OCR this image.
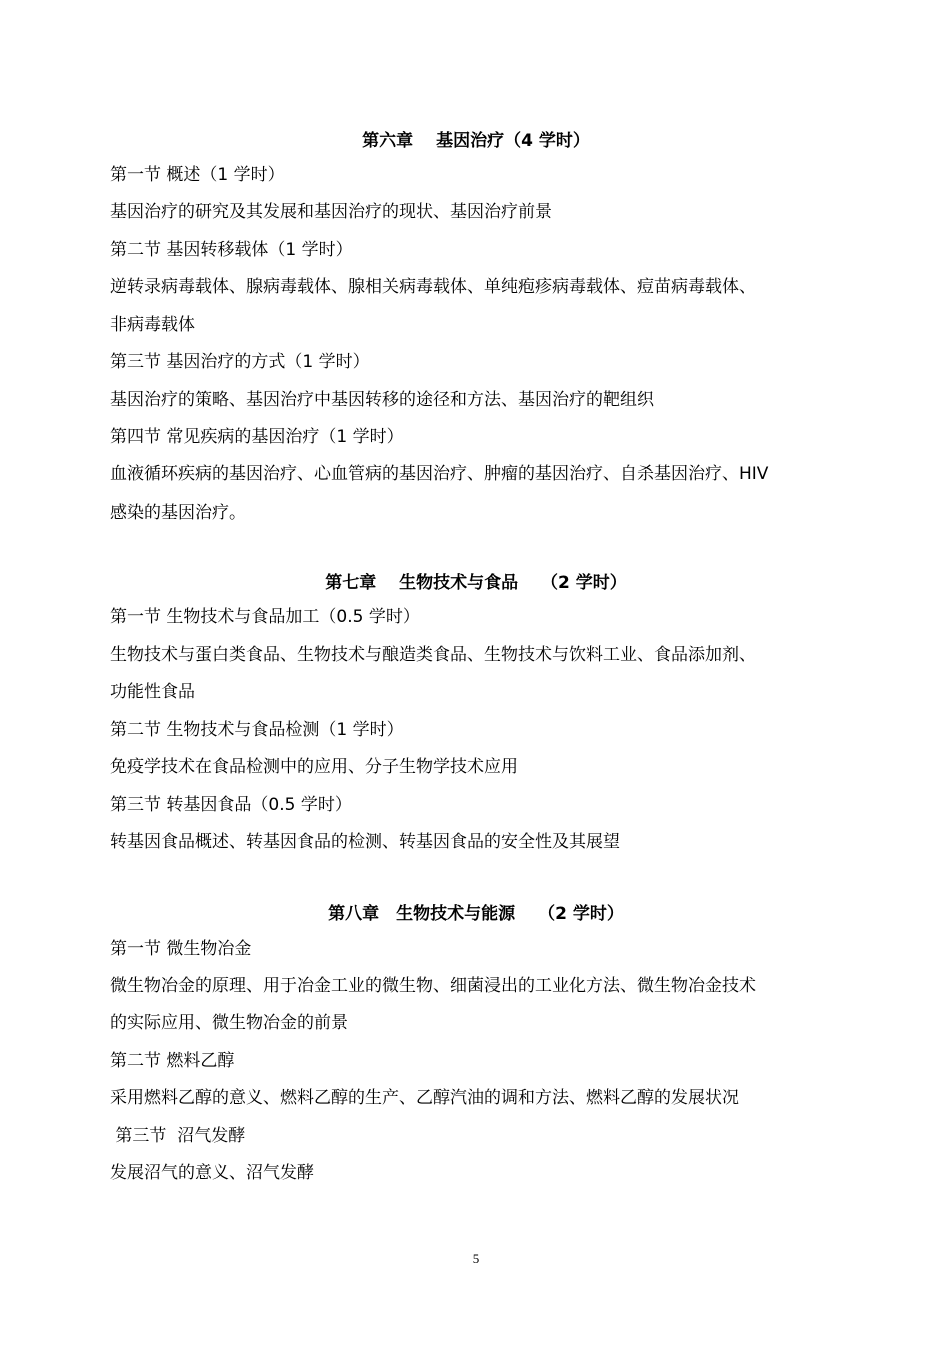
第六章　 基因治疗（4 学时）
第一节 概述（1 学时）
基因治疗的研究及其发展和基因治疗的现状、基因治疗前景
第二节 基因转移载体（1 学时）
逆转录病毒载体、腺病毒载体、腺相关病毒载体、单纯疱疹病毒载体、痘苗病毒载体、
非病毒载体
第三节 基因治疗的方式（1 学时）
基因治疗的策略、基因治疗中基因转移的途径和方法、基因治疗的靶组织
第四节 常见疾病的基因治疗（1 学时）
血液循环疾病的基因治疗、心血管病的基因治疗、肿瘤的基因治疗、自杀基因治疗、HIV
感染的基因治疗。
第七章　 生物技术与食品　 （2 学时）
第一节 生物技术与食品加工（0.5 学时）
生物技术与蛋白类食品、生物技术与酿造类食品、生物技术与饮料工业、食品添加剂、
功能性食品
第二节 生物技术与食品检测（1 学时）
免疫学技术在食品检测中的应用、分子生物学技术应用
第三节 转基因食品（0.5 学时）
转基因食品概述、转基因食品的检测、转基因食品的安全性及其展望
第八章　生物技术与能源　 （2 学时）
第一节 微生物冶金
微生物冶金的原理、用于冶金工业的微生物、细菌浸出的工业化方法、微生物冶金技术
的实际应用、微生物冶金的前景
第二节 燃料乙醇
采用燃料乙醇的意义、燃料乙醇的生产、乙醇汽油的调和方法、燃料乙醇的发展状况
第三节  沼气发酵
发展沼气的意义、沼气发酵
5
